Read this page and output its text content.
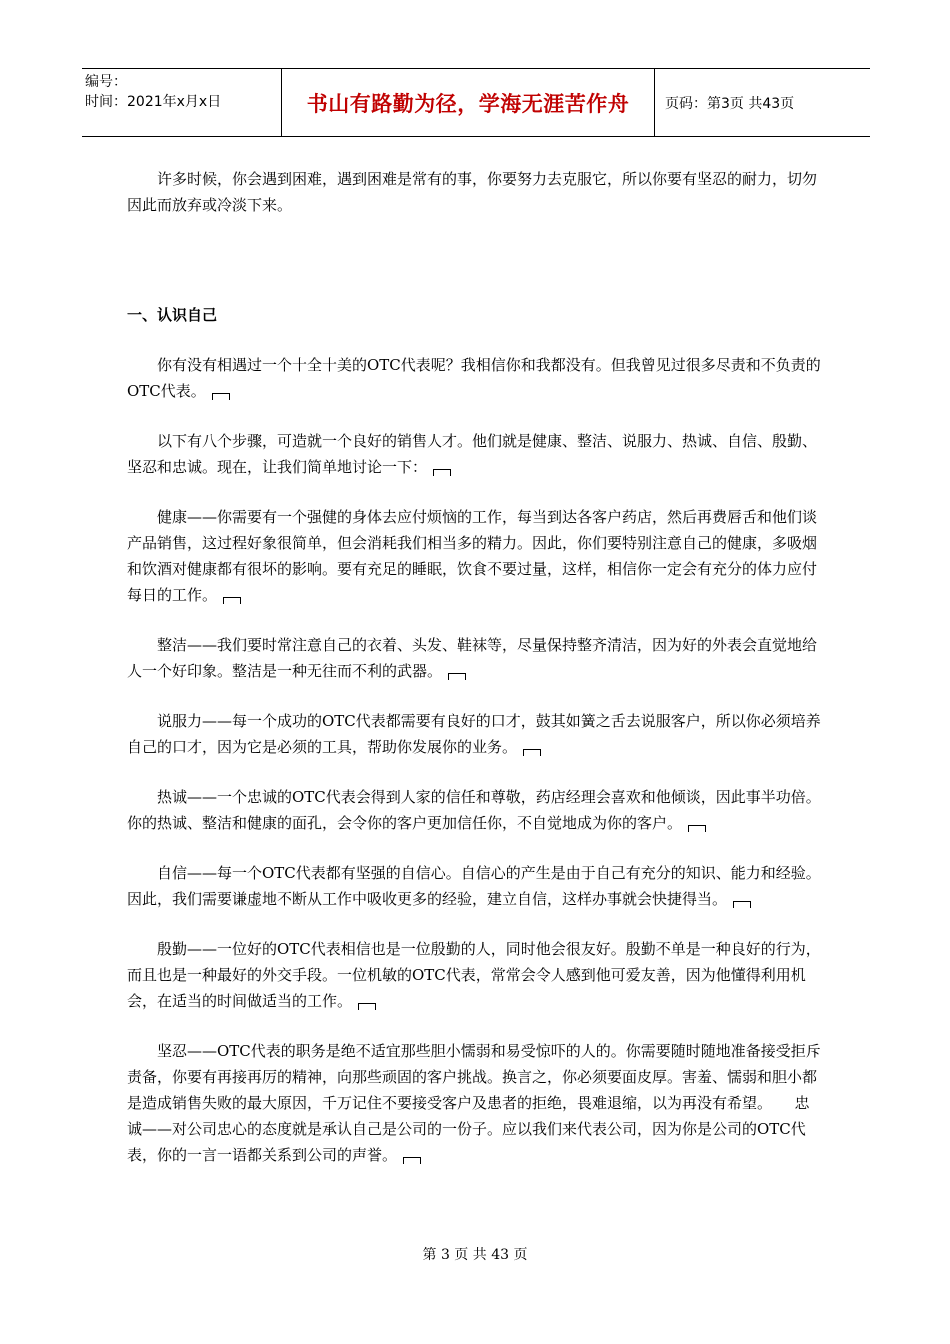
编号：
时间：2021年x月x日	书山有路勤为径，学海无涯苦作舟	页码：第3页 共43页

许多时候，你会遇到困难，遇到困难是常有的事，你要努力去克服它，所以你要有坚忍的耐力，切勿因此而放弃或冷淡下来。

一、认识自己

你有没有相遇过一个十全十美的OTC代表呢？我相信你和我都没有。但我曾见过很多尽责和不负责的OTC代表。

以下有八个步骤，可造就一个良好的销售人才。他们就是健康、整洁、说服力、热诚、自信、殷勤、坚忍和忠诚。现在，让我们简单地讨论一下：

健康——你需要有一个强健的身体去应付烦恼的工作，每当到达各客户药店，然后再费唇舌和他们谈产品销售，这过程好象很简单，但会消耗我们相当多的精力。因此，你们要特别注意自己的健康，多吸烟和饮酒对健康都有很坏的影响。要有充足的睡眠，饮食不要过量，这样，相信你一定会有充分的体力应付每日的工作。

整洁——我们要时常注意自己的衣着、头发、鞋袜等，尽量保持整齐清洁，因为好的外表会直觉地给人一个好印象。整洁是一种无往而不利的武器。

说服力——每一个成功的OTC代表都需要有良好的口才，鼓其如簧之舌去说服客户，所以你必须培养自己的口才，因为它是必须的工具，帮助你发展你的业务。

热诚——一个忠诚的OTC代表会得到人家的信任和尊敬，药店经理会喜欢和他倾谈，因此事半功倍。你的热诚、整洁和健康的面孔，会令你的客户更加信任你，不自觉地成为你的客户。

自信——每一个OTC代表都有坚强的自信心。自信心的产生是由于自己有充分的知识、能力和经验。因此，我们需要谦虚地不断从工作中吸收更多的经验，建立自信，这样办事就会快捷得当。

殷勤——一位好的OTC代表相信也是一位殷勤的人，同时他会很友好。殷勤不单是一种良好的行为，而且也是一种最好的外交手段。一位机敏的OTC代表，常常会令人感到他可爱友善，因为他懂得利用机会，在适当的时间做适当的工作。

坚忍——OTC代表的职务是绝不适宜那些胆小懦弱和易受惊吓的人的。你需要随时随地准备接受拒斥责备，你要有再接再厉的精神，向那些顽固的客户挑战。换言之，你必须要面皮厚。害羞、懦弱和胆小都是造成销售失败的最大原因，千万记住不要接受客户及患者的拒绝，畏难退缩，以为再没有希望。　　忠诚——对公司忠心的态度就是承认自己是公司的一份子。应以我们来代表公司，因为你是公司的OTC代表，你的一言一语都关系到公司的声誉。

第 3 页 共 43 页
